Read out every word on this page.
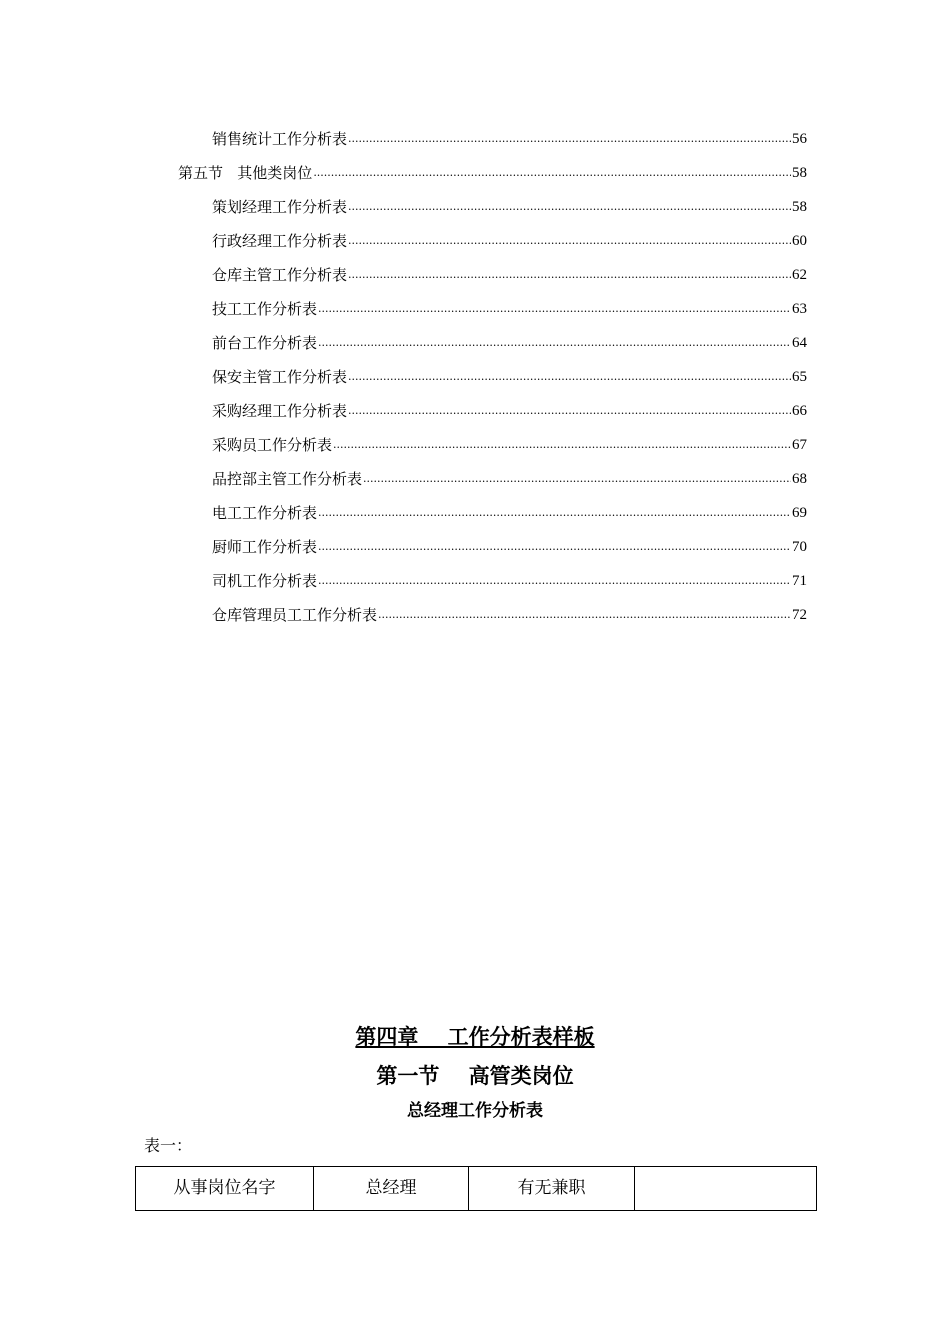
销售统计工作分析表 .....	56
第五节   其他类岗位 .....	58
策划经理工作分析表 .....	58
行政经理工作分析表 .....	60
仓库主管工作分析表 .....	62
技工工作分析表 .....	63
前台工作分析表 .....	64
保安主管工作分析表 .....	65
采购经理工作分析表 .....	66
采购员工作分析表 .....	67
品控部主管工作分析表 .....	68
电工工作分析表 .....	69
厨师工作分析表 .....	70
司机工作分析表 .....	71
仓库管理员工工作分析表 .....	72
第四章    工作分析表样板
第一节    高管类岗位
总经理工作分析表
表一：
从事岗位名字	总经理	有无兼职	
